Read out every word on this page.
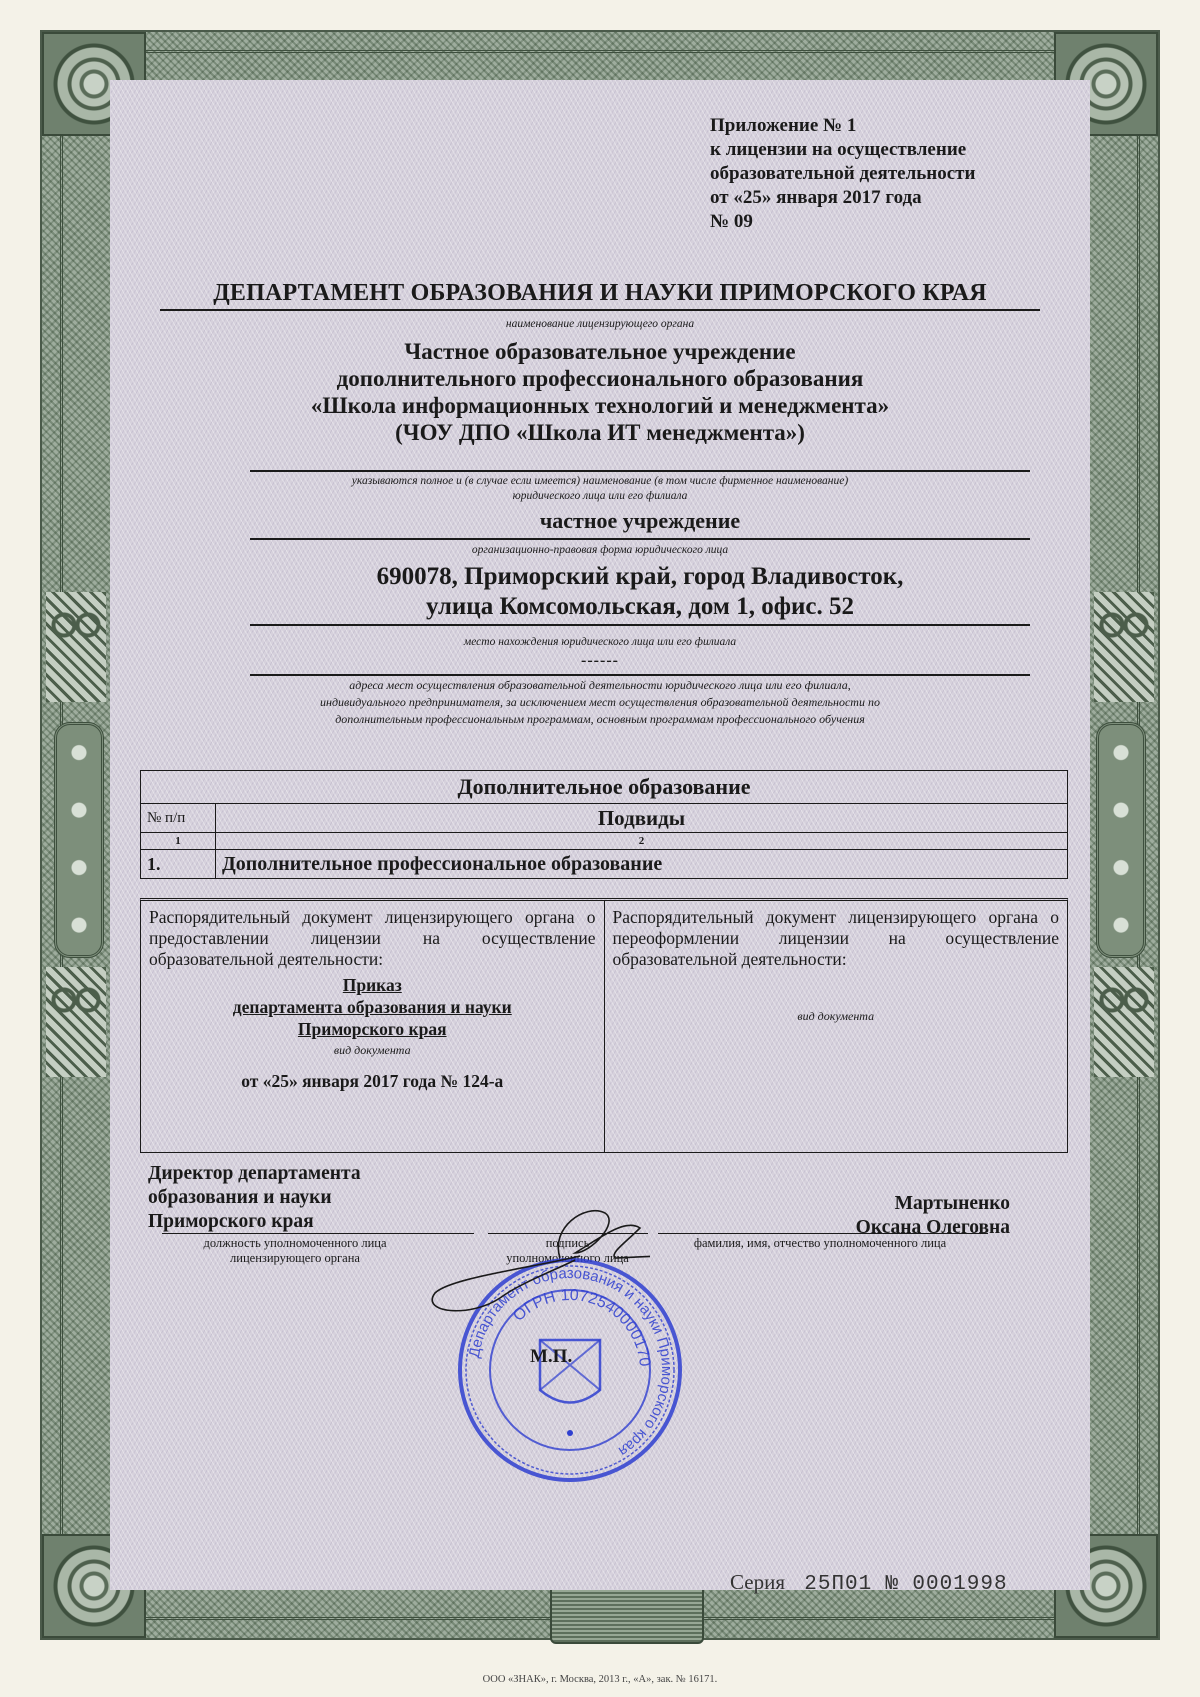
Приложение № 1
к лицензии на осуществление
образовательной деятельности
от «25» января 2017 года
№ 09
ДЕПАРТАМЕНТ ОБРАЗОВАНИЯ И НАУКИ ПРИМОРСКОГО КРАЯ
наименование лицензирующего органа
Частное образовательное учреждение
дополнительного профессионального образования
«Школа информационных технологий и менеджмента»
(ЧОУ ДПО «Школа ИТ менеджмента»)
указываются полное и (в случае если имеется) наименование (в том числе фирменное наименование)
юридического лица или его филиала
частное учреждение
организационно-правовая форма юридического лица
690078, Приморский край, город Владивосток,
улица Комсомольская, дом 1, офис. 52
место нахождения юридического лица или его филиала
------
адреса мест осуществления образовательной деятельности юридического лица или его филиала,
индивидуального предпринимателя, за исключением мест осуществления образовательной деятельности по
дополнительным профессиональным программам, основным программам профессионального обучения
Дополнительное образование	
№ п/п	Подвиды
1	2
1.	Дополнительное профессиональное образование
Распорядительный документ лицензирующего органа о предоставлении лицензии на осуществление образовательной деятельности:
Приказ
департамента образования и науки
Приморского края
вид документа
от «25» января 2017 года № 124-а
Распорядительный документ лицензирующего органа о переоформлении лицензии на осуществление образовательной деятельности:
вид документа
Директор департамента
образования и науки
Приморского края
должность уполномоченного лица
лицензирующего органа
подпись
уполномоченного лица
Мартыненко
Оксана Олеговна
фамилия, имя, отчество уполномоченного лица
Департамент образования и науки Приморского края
ОГРН 1072540000170
М.П.
Серия 25П01 № 0001998
ООО «ЗНАК», г. Москва, 2013 г., «А», зак. № 16171.
